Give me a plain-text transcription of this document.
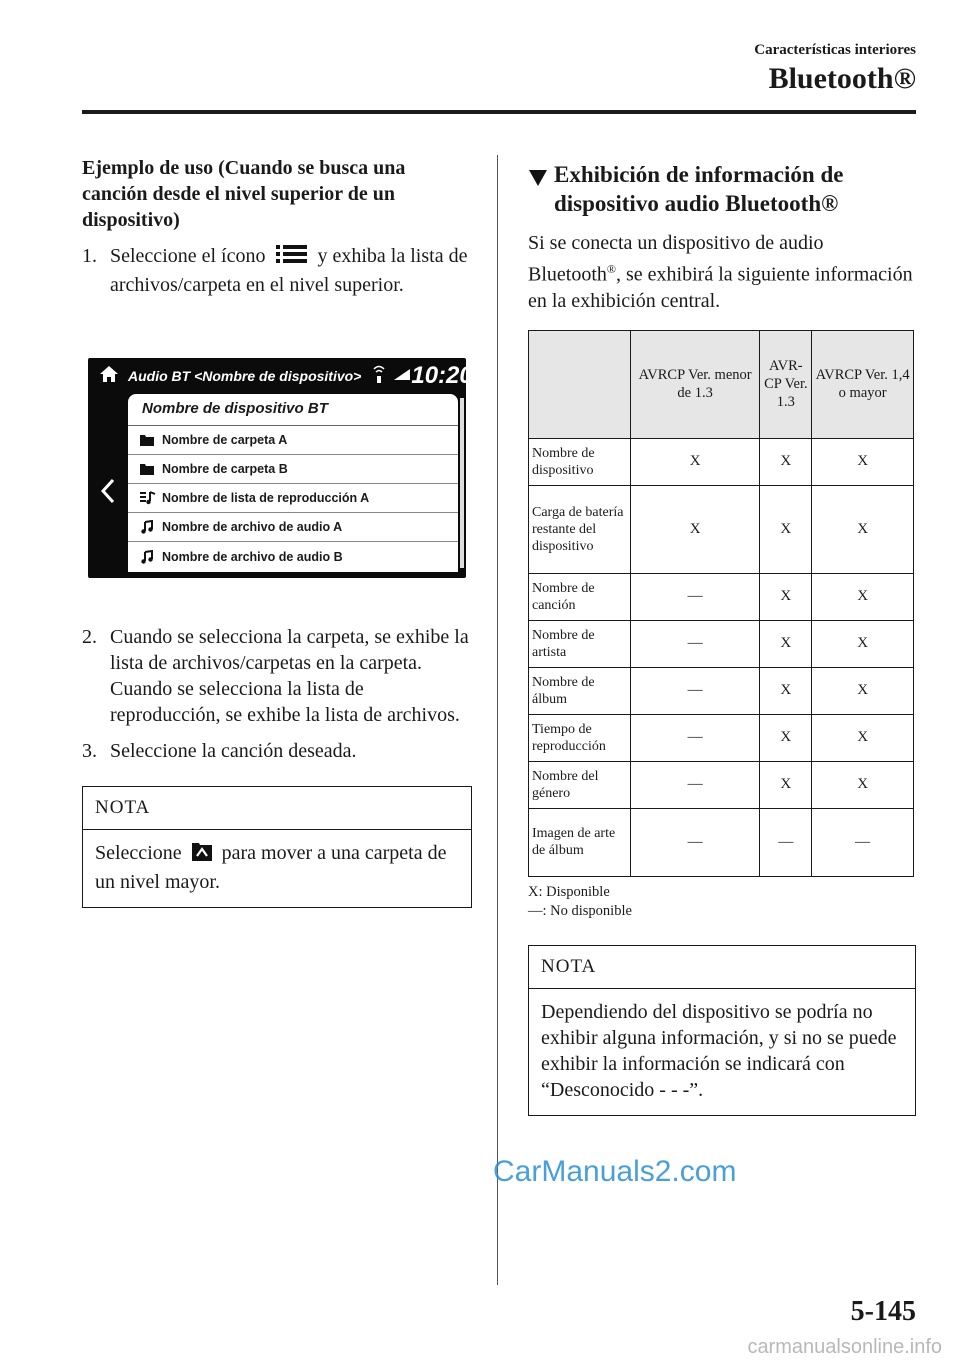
Características interiores
Bluetooth®
Ejemplo de uso (Cuando se busca una canción desde el nivel superior de un dispositivo)
1. Seleccione el ícono	y exhiba la lista de archivos/carpeta en el nivel superior.
Audio BT <Nombre de dispositivo> 10:20
Nombre de dispositivo BT
Nombre de carpeta A
Nombre de carpeta B
Nombre de lista de reproducción A
Nombre de archivo de audio A
Nombre de archivo de audio B
2. Cuando se selecciona la carpeta, se exhibe la lista de archivos/carpetas en la carpeta. Cuando se selecciona la lista de reproducción, se exhibe la lista de archivos.
3. Seleccione la canción deseada.
NOTA
Seleccione para mover a una carpeta de un nivel mayor.
Exhibición de información de dispositivo audio Bluetooth®
Si se conecta un dispositivo de audio Bluetooth®, se exhibirá la siguiente información en la exhibición central.
	AVRCP Ver. menor de 1.3	AVR-CP Ver. 1.3	AVRCP Ver. 1,4 o mayor
Nombre de dispositivo	X	X	X
Carga de batería restante del dispositivo	X	X	X
Nombre de canción	—	X	X
Nombre de artista	—	X	X
Nombre de álbum	—	X	X
Tiempo de reproducción	—	X	X
Nombre del género	—	X	X
Imagen de arte de álbum	—	—	—
X: Disponible
—: No disponible
NOTA
Dependiendo del dispositivo se podría no exhibir alguna información, y si no se puede exhibir la información se indicará con “Desconocido - - -”.
CarManuals2.com
5-145
carmanualsonline.info
